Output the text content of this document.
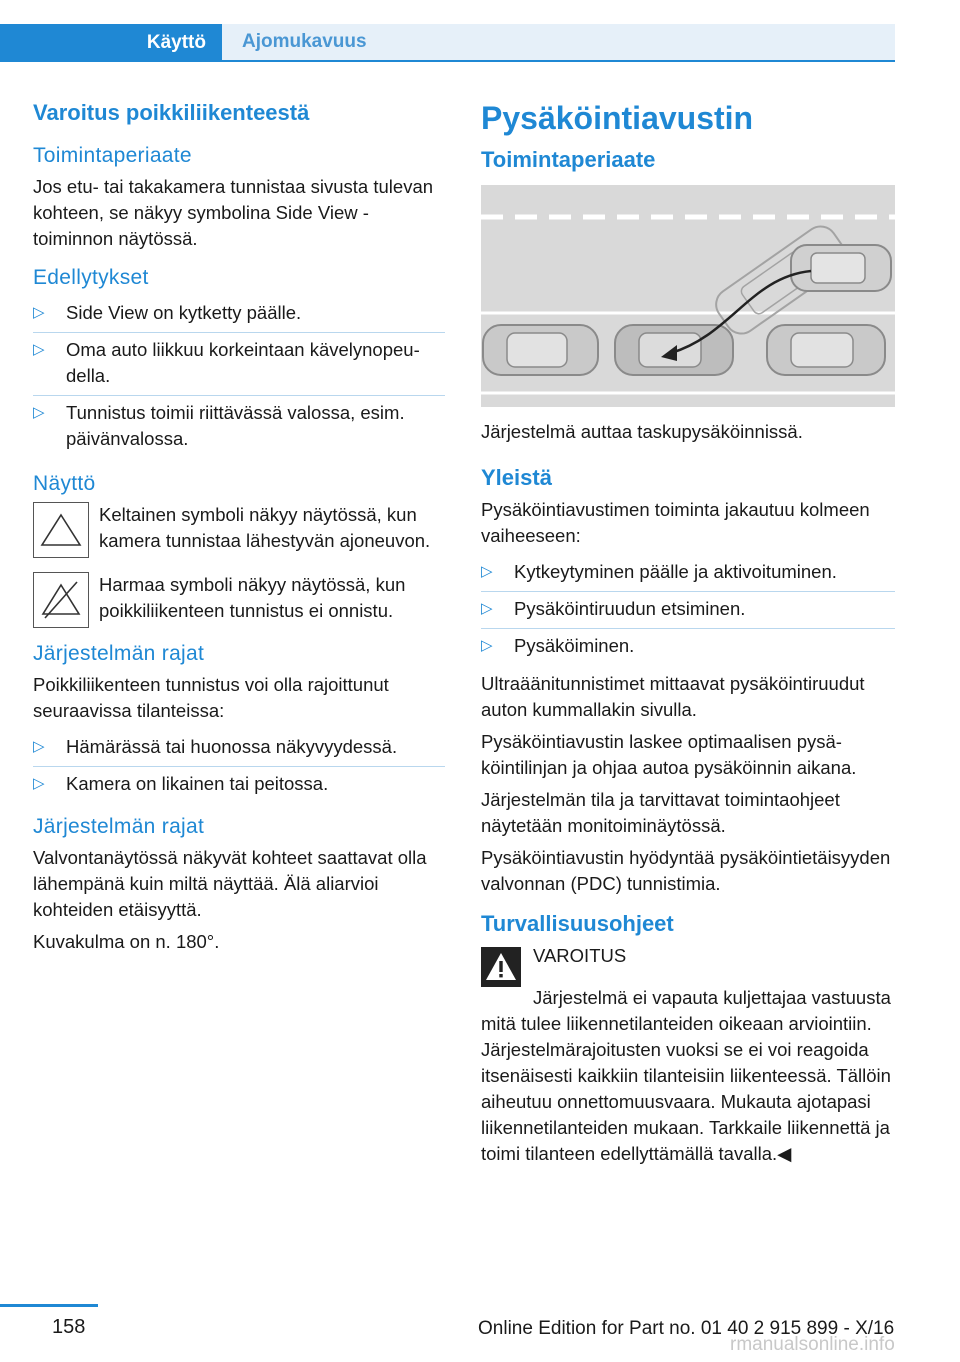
Käyttö Ajomukavuus
Varoitus poikkiliikenteestä
Toimintaperiaate

Jos etu- tai takakamera tunnistaa sivusta tulevan kohteen, se näkyy symbolina Side View -toiminnon näytössä.

Edellytykset
▷ Side View on kytketty päälle.
▷ Oma auto liikkuu korkeintaan kävelynopeudella.
▷ Tunnistus toimii riittävässä valossa, esim. päivänvalossa.
Näyttö

Keltainen symboli näkyy näytössä, kun kamera tunnistaa lähestyvän ajoneuvon.

Harmaa symboli näkyy näytössä, kun poikkiliikenteen tunnistus ei onnistu.

Järjestelmän rajat

Poikkiliikenteen tunnistus voi olla rajoittunut seuraavissa tilanteissa:

▷ Hämärässä tai huonossa näkyvyydessä.
▷ Kamera on likainen tai peitossa.
Järjestelmän rajat

Valvontanäytössä näkyvät kohteet saattavat olla lähempänä kuin miltä näyttää. Älä aliarvioi kohteiden etäisyyttä.

Kuvakulma on n. 180°.

Pysäköintiavustin
Toimintaperiaate

Järjestelmä auttaa taskupysäköinnissä.

Yleistä

Pysäköintiavustimen toiminta jakautuu kolmeen vaiheeseen:

▷ Kytkeytyminen päälle ja aktivoituminen.
▷ Pysäköintiruudun etsiminen.
▷ Pysäköiminen.

Ultraäänitunnistimet mittaavat pysäköintiruudut auton kummallakin sivulla.

Pysäköintiavustin laskee optimaalisen pysäköintilinjan ja ohjaa autoa pysäköinnin aikana.

Järjestelmän tila ja tarvittavat toimintaohjeet näytetään monitoiminäytössä.

Pysäköintiavustin hyödyntää pysäköintietäisyyden valvonnan (PDC) tunnistimia.

Turvallisuusohjeet

VAROITUS

Järjestelmä ei vapauta kuljettajaa vastuusta mitä tulee liikennetilanteiden oikeaan arviointiin. Järjestelmärajoitusten vuoksi se ei voi reagoida itsenäisesti kaikkiin tilanteisiin liikenteessä. Tällöin aiheutuu onnettomuusvaara. Mukauta ajotapasi liikennetilanteiden mukaan. Tarkkaile liikennettä ja toimi tilanteen edellyttämällä tavalla.◀

158	Online Edition for Part no. 01 40 2 915 899 - X/16
rmanualsonline.info
